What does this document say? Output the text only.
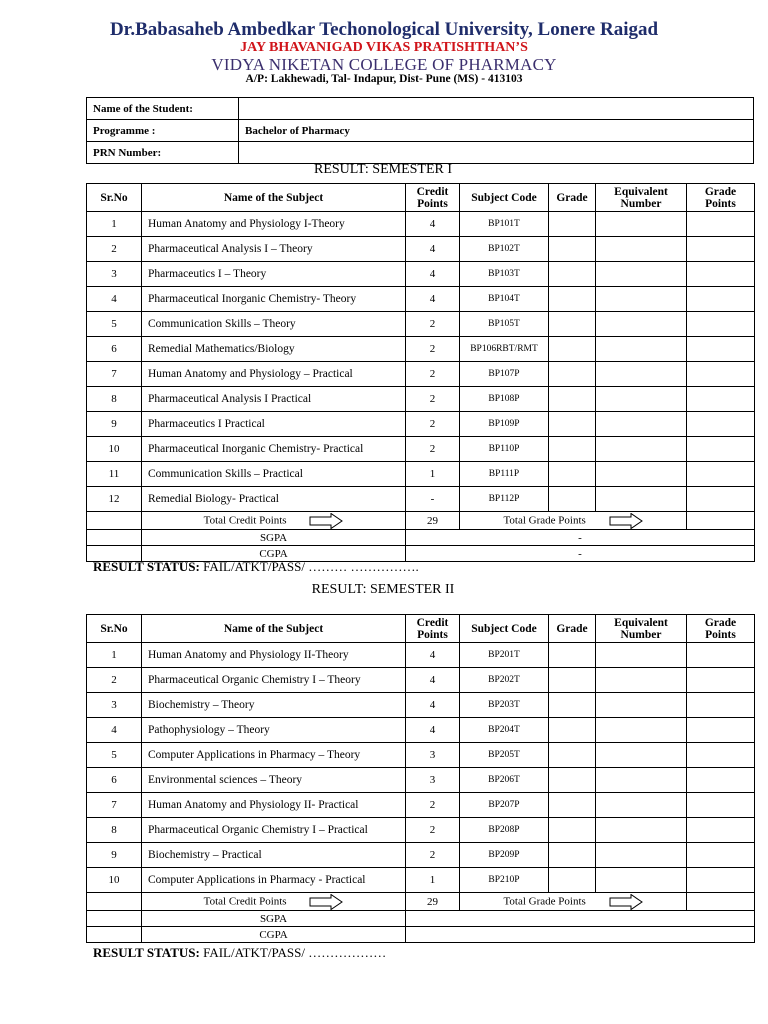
Dr.Babasaheb Ambedkar Techonological University, Lonere Raigad
JAY BHAVANIGAD VIKAS PRATISHTHAN’S
VIDYA NIKETAN COLLEGE OF PHARMACY
A/P: Lakhewadi, Tal- Indapur, Dist- Pune (MS) - 413103
Name of the Student:	
Programme :	Bachelor of Pharmacy
PRN Number:	
RESULT: SEMESTER I
Sr.No	Name of the Subject	Credit
Points	Subject Code	Grade	Equivalent
Number	Grade
Points
1	Human Anatomy and Physiology I-Theory	4	BP101T			
2	Pharmaceutical Analysis I – Theory	4	BP102T			
3	Pharmaceutics I – Theory	4	BP103T			
4	Pharmaceutical Inorganic Chemistry- Theory	4	BP104T			
5	Communication Skills – Theory	2	BP105T			
6	Remedial Mathematics/Biology	2	BP106RBT/RMT			
7	Human Anatomy and Physiology – Practical	2	BP107P			
8	Pharmaceutical Analysis I Practical	2	BP108P			
9	Pharmaceutics I Practical	2	BP109P			
10	Pharmaceutical Inorganic Chemistry- Practical	2	BP110P			
11	Communication Skills – Practical	1	BP111P			
12	Remedial Biology- Practical	-	BP112P			
	Total Credit Points	29	Total Grade Points			
	SGPA	-				
	CGPA	-				
RESULT STATUS: FAIL/ATKT/PASS/ ……… …………….
RESULT: SEMESTER II
Sr.No	Name of the Subject	Credit
Points	Subject Code	Grade	Equivalent
Number	Grade
Points
1	Human Anatomy and Physiology II-Theory	4	BP201T			
2	Pharmaceutical Organic Chemistry I – Theory	4	BP202T			
3	Biochemistry – Theory	4	BP203T			
4	Pathophysiology – Theory	4	BP204T			
5	Computer Applications in Pharmacy – Theory	3	BP205T			
6	Environmental sciences – Theory	3	BP206T			
7	Human Anatomy and Physiology II- Practical	2	BP207P			
8	Pharmaceutical Organic Chemistry I – Practical	2	BP208P			
9	Biochemistry – Practical	2	BP209P			
10	Computer Applications in Pharmacy - Practical	1	BP210P			
	Total Credit Points	29	Total Grade Points			
	SGPA					
	CGPA					
RESULT STATUS: FAIL/ATKT/PASS/ ………………
